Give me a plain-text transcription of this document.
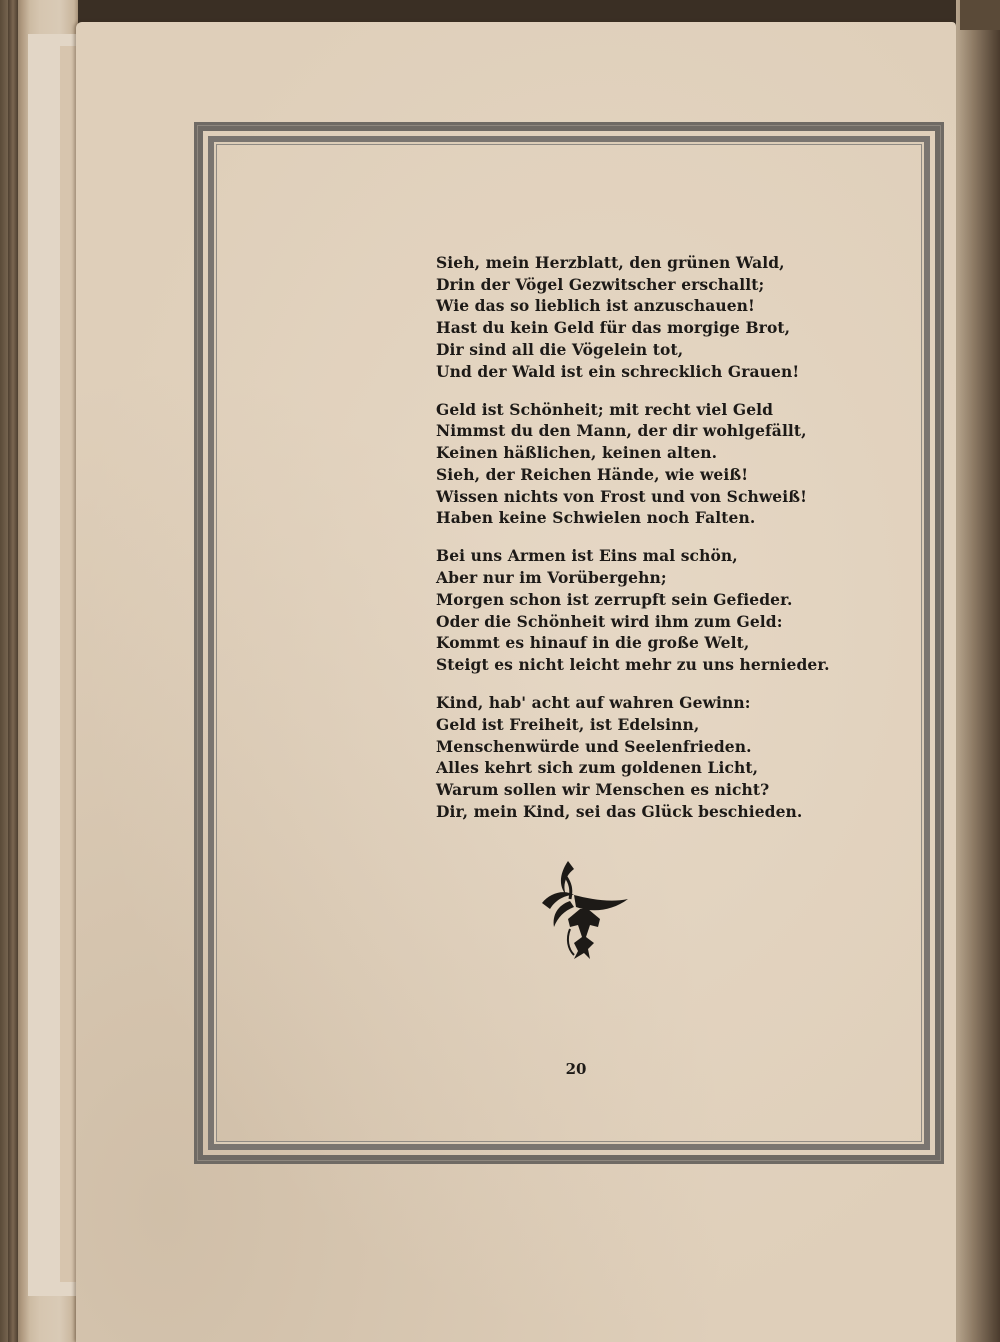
Sieh, mein Herzblatt, den grünen Wald,
Drin der Vögel Gezwitscher erschallt;
Wie das so lieblich ist anzuschauen!
Hast du kein Geld für das morgige Brot,
Dir sind all die Vögelein tot,
Und der Wald ist ein schrecklich Grauen!
Geld ist Schönheit; mit recht viel Geld
Nimmst du den Mann, der dir wohlgefällt,
Keinen häßlichen, keinen alten.
Sieh, der Reichen Hände, wie weiß!
Wissen nichts von Frost und von Schweiß!
Haben keine Schwielen noch Falten.
Bei uns Armen ist Eins mal schön,
Aber nur im Vorübergehn;
Morgen schon ist zerrupft sein Gefieder.
Oder die Schönheit wird ihm zum Geld:
Kommt es hinauf in die große Welt,
Steigt es nicht leicht mehr zu uns hernieder.
Kind, hab' acht auf wahren Gewinn:
Geld ist Freiheit, ist Edelsinn,
Menschenwürde und Seelenfrieden.
Alles kehrt sich zum goldenen Licht,
Warum sollen wir Menschen es nicht?
Dir, mein Kind, sei das Glück beschieden.
20
